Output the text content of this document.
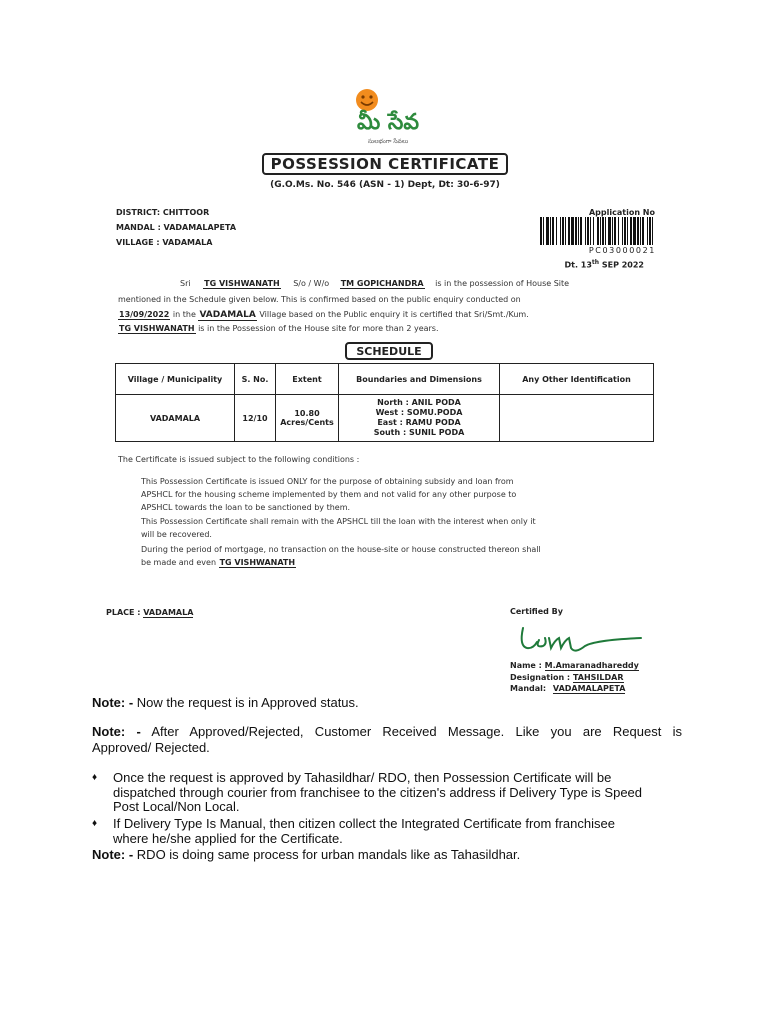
మీ సేవ
సులభంగా సేవలు
POSSESSION CERTIFICATE
(G.O.Ms. No. 546 (ASN - 1) Dept, Dt: 30-6-97)
DISTRICT: CHITTOOR
MANDAL : VADAMALAPETA
VILLAGE : VADAMALA
Application No
PC03000021
Dt. 13th SEP 2022
Sri TG VISHWANATH S/o / W/o TM GOPICHANDRA is in the possession of House Site
mentioned in the Schedule given below. This is confirmed based on the public enquiry conducted on
13/09/2022 in the VADAMALA Village based on the Public enquiry it is certified that Sri/Smt./Kum.
TG VISHWANATH is in the Possession of the House site for more than 2 years.
SCHEDULE
Village / Municipality	S. No.	Extent	Boundaries and Dimensions	Any Other Identification
VADAMALA	12/10	10.80 Acres/Cents	North : ANIL PODA
West : SOMU.PODA
East : RAMU PODA
South : SUNIL PODA	

The Certificate is issued subject to the following conditions :
This Possession Certificate is issued ONLY for the purpose of obtaining subsidy and loan from
APSHCL for the housing scheme implemented by them and not valid for any other purpose to
APSHCL towards the loan to be sanctioned by them.
This Possession Certificate shall remain with the APSHCL till the loan with the interest when only it
will be recovered.
During the period of mortgage, no transaction on the house-site or house constructed thereon shall
be made and even TG VISHWANATH
PLACE : VADAMALA	Certified By
Name : M.Amaranadhareddy
Designation : TAHSILDAR
Mandal: VADAMALAPETA
Note: - Now the request is in Approved status.
Note: - After Approved/Rejected, Customer Received Message. Like you are Request is
Approved/ Rejected.
♦ Once the request is approved by Tahasildhar/ RDO, then Possession Certificate will be
dispatched through courier from franchisee to the citizen's address if Delivery Type is Speed
Post Local/Non Local.
♦ If Delivery Type Is Manual, then citizen collect the Integrated Certificate from franchisee
where he/she applied for the Certificate.
Note: - RDO is doing same process for urban mandals like as Tahasildhar.
